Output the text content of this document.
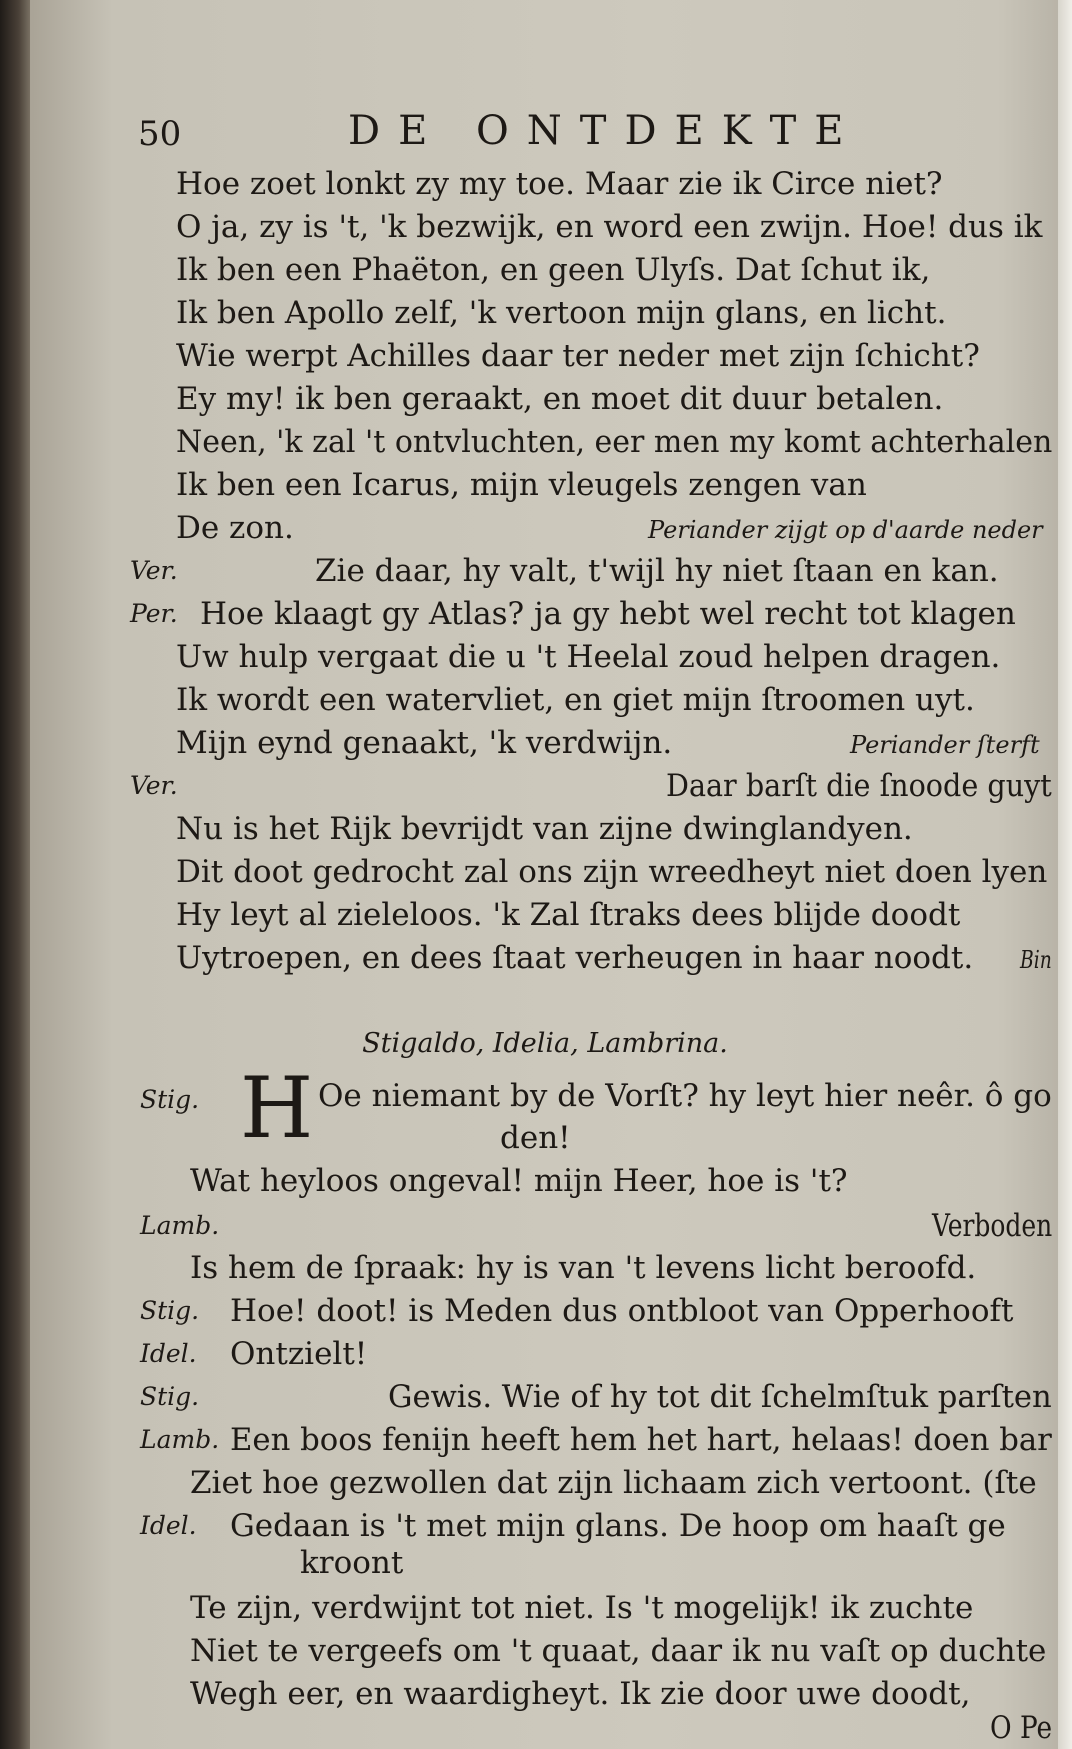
50	DE ONTDEKTE
Hoe zoet lonkt zy my toe. Maar zie ik Circe niet?
O ja, zy is 't, 'k bezwijk, en word een zwijn. Hoe! dus ik
Ik ben een Phaëton, en geen Ulyſs. Dat ſchut ik,
Ik ben Apollo zelf, 'k vertoon mijn glans, en licht.
Wie werpt Achilles daar ter neder met zijn ſchicht?
Ey my! ik ben geraakt, en moet dit duur betalen.
Neen, 'k zal 't ontvluchten, eer men my komt achterhalen
Ik ben een Icarus, mijn vleugels zengen van
De zon.	Periander zijgt op d'aarde neder
Ver.	Zie daar, hy valt, t'wijl hy niet ſtaan en kan.
Per. Hoe klaagt gy Atlas? ja gy hebt wel recht tot klagen
Uw hulp vergaat die u 't Heelal zoud helpen dragen.
Ik wordt een watervliet, en giet mijn ſtroomen uyt.
Mijn eynd genaakt, 'k verdwijn.	Periander ſterft
Ver.	Daar barſt die ſnoode guyt
Nu is het Rijk bevrijdt van zijne dwinglandyen.
Dit doot gedrocht zal ons zijn wreedheyt niet doen lyen
Hy leyt al zieleloos. 'k Zal ſtraks dees blijde doodt
Uytroepen, en dees ſtaat verheugen in haar noodt. Bin
Stigaldo, Idelia, Lambrina.
Stig. H Oe niemant by de Vorſt? hy leyt hier neêr. ô go
den!
Wat heyloos ongeval! mijn Heer, hoe is 't?
Lamb.	Verboden
Is hem de ſpraak: hy is van 't levens licht beroofd.
Stig. Hoe! doot! is Meden dus ontbloot van Opperhooft
Idel. Ontzielt!
Stig.	Gewis. Wie of hy tot dit ſchelmſtuk parſten
Lamb. Een boos fenijn heeft hem het hart, helaas! doen bar
Ziet hoe gezwollen dat zijn lichaam zich vertoont. (ſte
Idel. Gedaan is 't met mijn glans. De hoop om haaſt ge
kroont
Te zijn, verdwijnt tot niet. Is 't mogelijk! ik zuchte
Niet te vergeefs om 't quaat, daar ik nu vaſt op duchte
Wegh eer, en waardigheyt. Ik zie door uwe doodt,
O Pe
